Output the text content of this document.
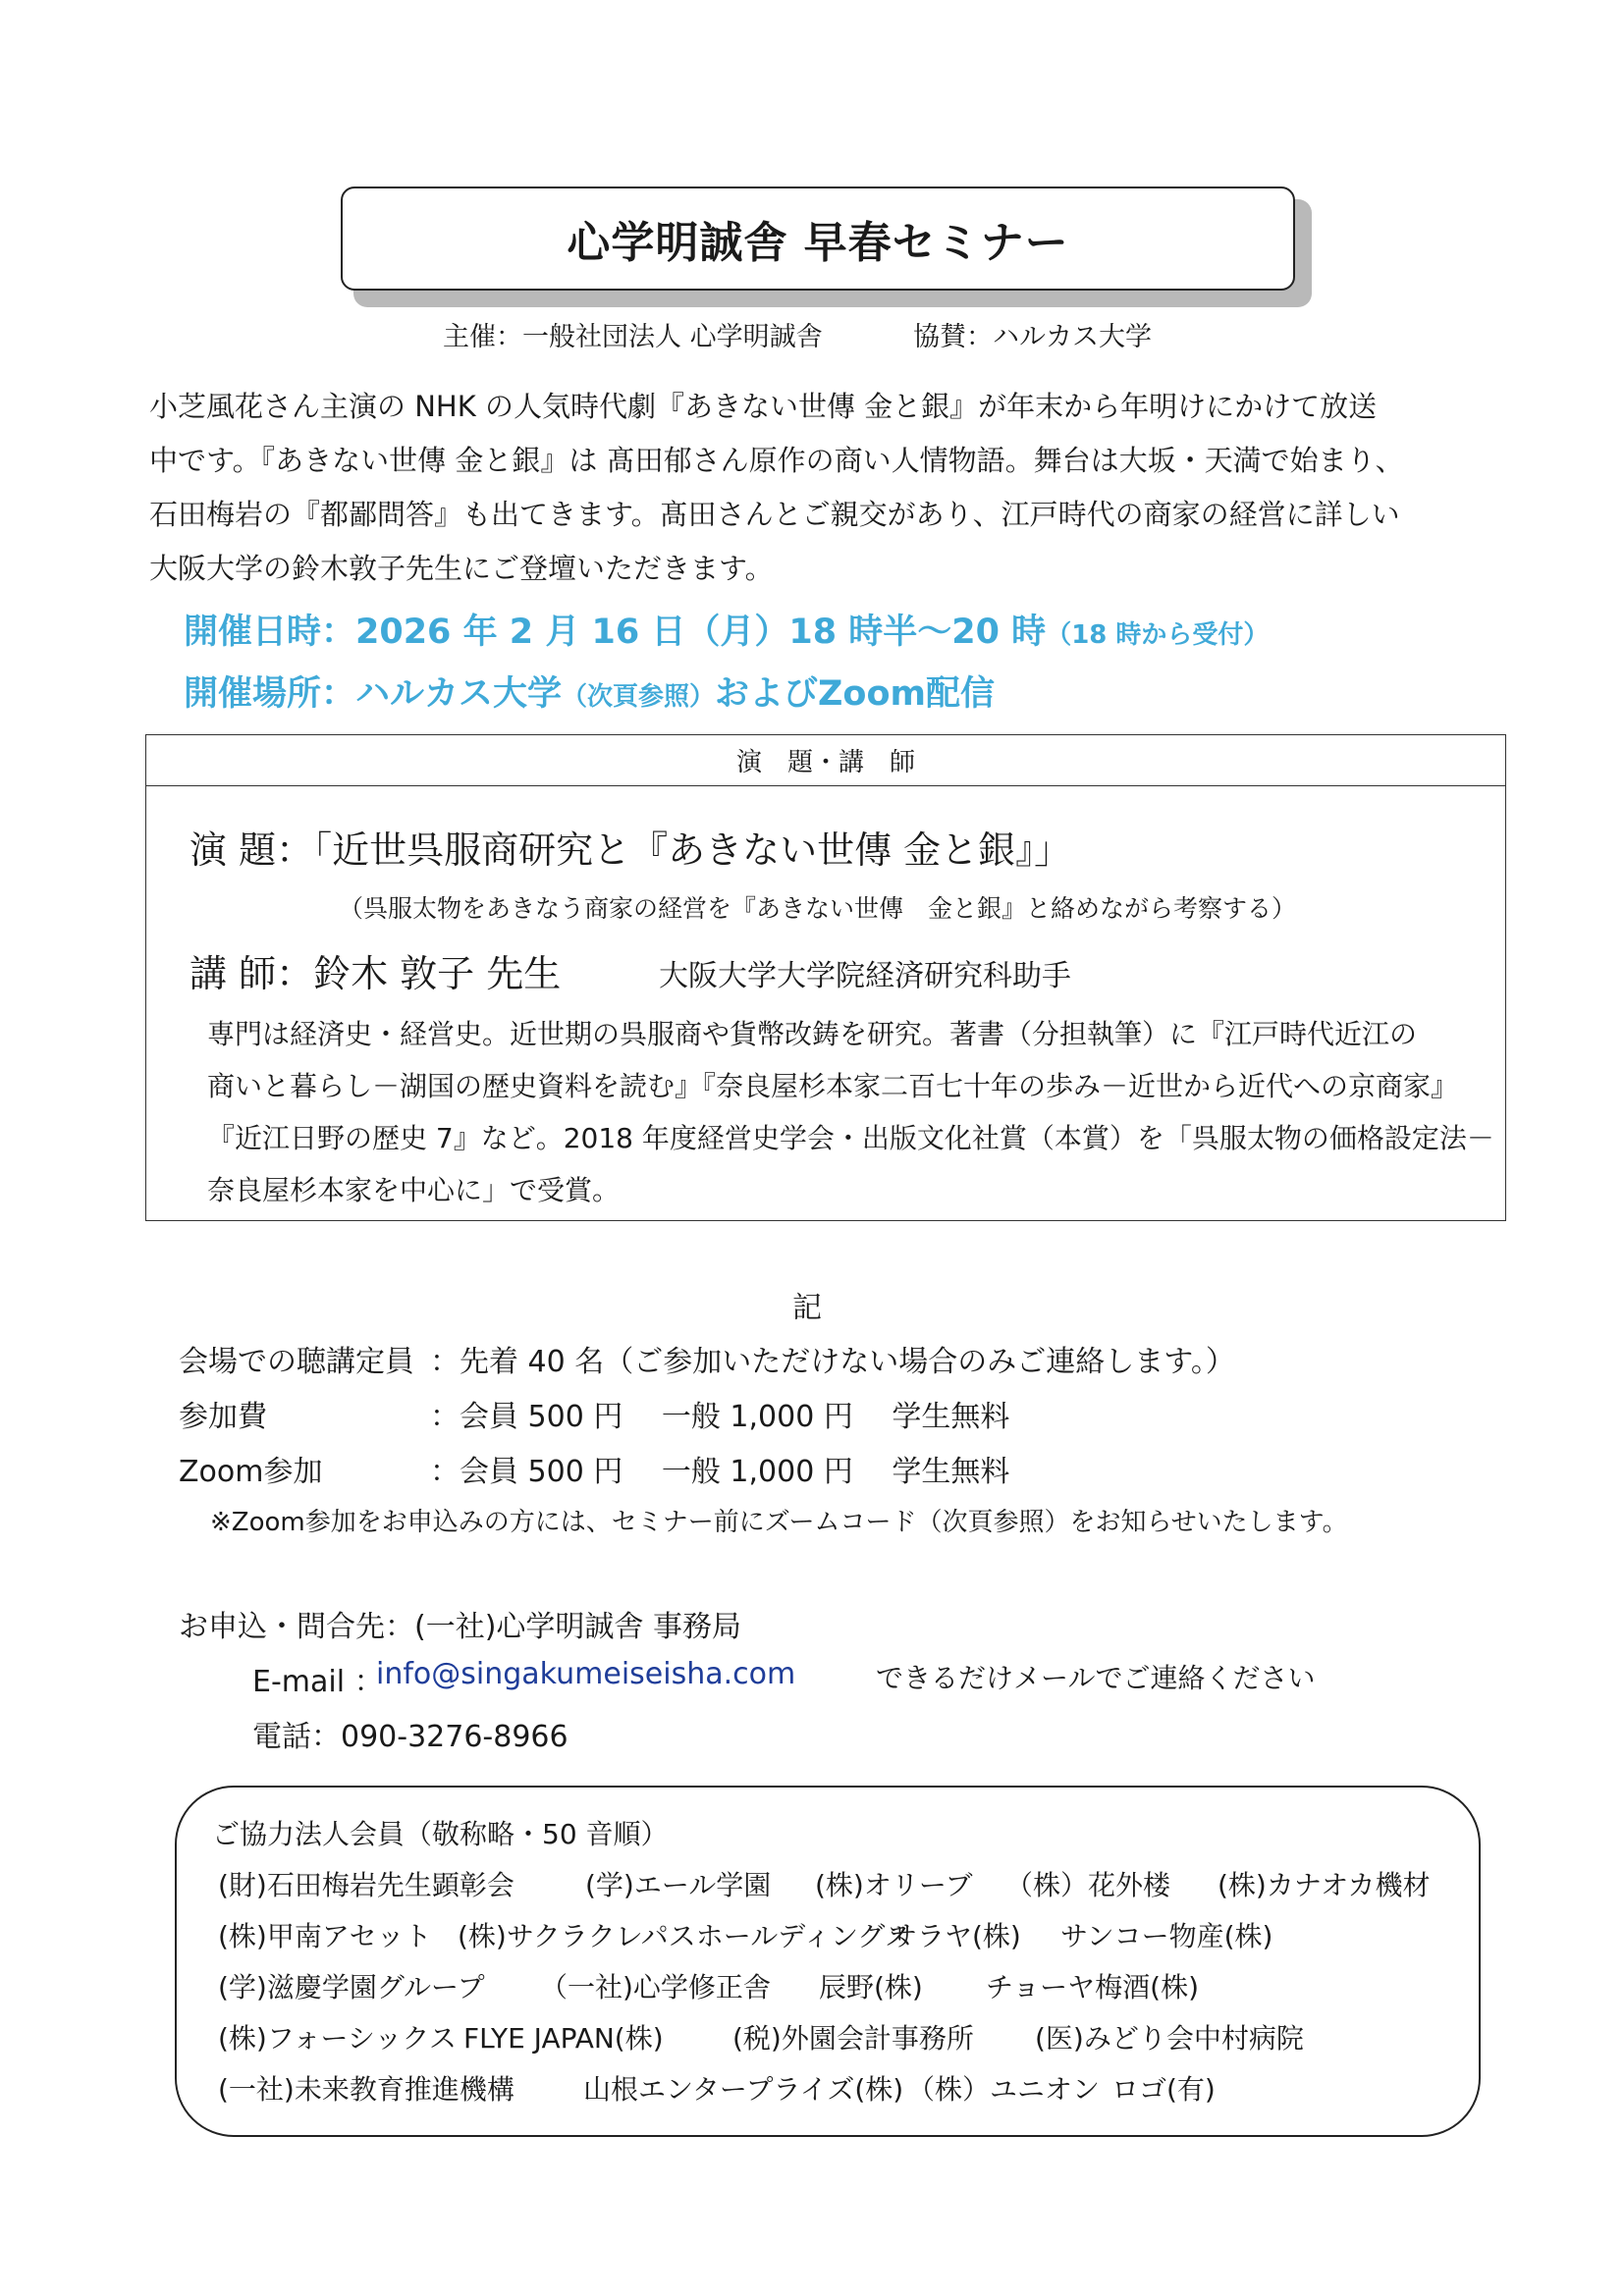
心学明誠舎 早春セミナー
主催：一般社団法人 心学明誠舎	協賛：ハルカス大学
小芝風花さん主演の NHK の人気時代劇『あきない世傳 金と銀』が年末から年明けにかけて放送
中です。『あきない世傳 金と銀』は 髙田郁さん原作の商い人情物語。舞台は大坂・天満で始まり、
石田梅岩の『都鄙問答』も出てきます。髙田さんとご親交があり、江戸時代の商家の経営に詳しい
大阪大学の鈴木敦子先生にご登壇いただきます。
開催日時：2026 年 2 月 16 日（月）18 時半～20 時（18 時から受付）
開催場所：ハルカス大学（次頁参照）およびZoom配信
演　題・講　師
演 題：「近世呉服商研究と『あきない世傳 金と銀』」
（呉服太物をあきなう商家の経営を『あきない世傳　金と銀』と絡めながら考察する）
講 師：鈴木 敦子 先生	大阪大学大学院経済研究科助手
専門は経済史・経営史。近世期の呉服商や貨幣改鋳を研究。著書（分担執筆）に『江戸時代近江の
商いと暮らし－湖国の歴史資料を読む』『奈良屋杉本家二百七十年の歩み－近世から近代への京商家』
『近江日野の歴史 7』など。2018 年度経営史学会・出版文化社賞（本賞）を「呉服太物の価格設定法－
奈良屋杉本家を中心に」で受賞。
記
会場での聴講定員 ：先着 40 名（ご参加いただけない場合のみご連絡します。）
参加費	：会員 500 円　 一般 1,000 円 　学生無料
Zoom参加	：会員 500 円　 一般 1,000 円 　学生無料
※Zoom参加をお申込みの方には、セミナー前にズームコード（次頁参照）をお知らせいたします。
お申込・問合先：(一社)心学明誠舎 事務局
E-mail ：
info@singakumeiseisha.com	できるだけメールでご連絡ください
電話：090-3276-8966
ご協力法人会員（敬称略・50 音順）
(財)石田梅岩先生顕彰会	(学)エール学園 (株)オリーブ （株）花外楼 (株)カナオカ機材
(株)甲南アセット (株)サクラクレパスホールディングス
サラヤ(株) サンコー物産(株)
(学)滋慶学園グループ （一社)心学修正舎 辰野(株) チョーヤ梅酒(株)
(株)フォーシックス FLYE JAPAN(株)	(税)外園会計事務所 (医)みどり会中村病院
(一社)未来教育推進機構	山根エンタープライズ(株) （株）ユニオン ロゴ(有)
